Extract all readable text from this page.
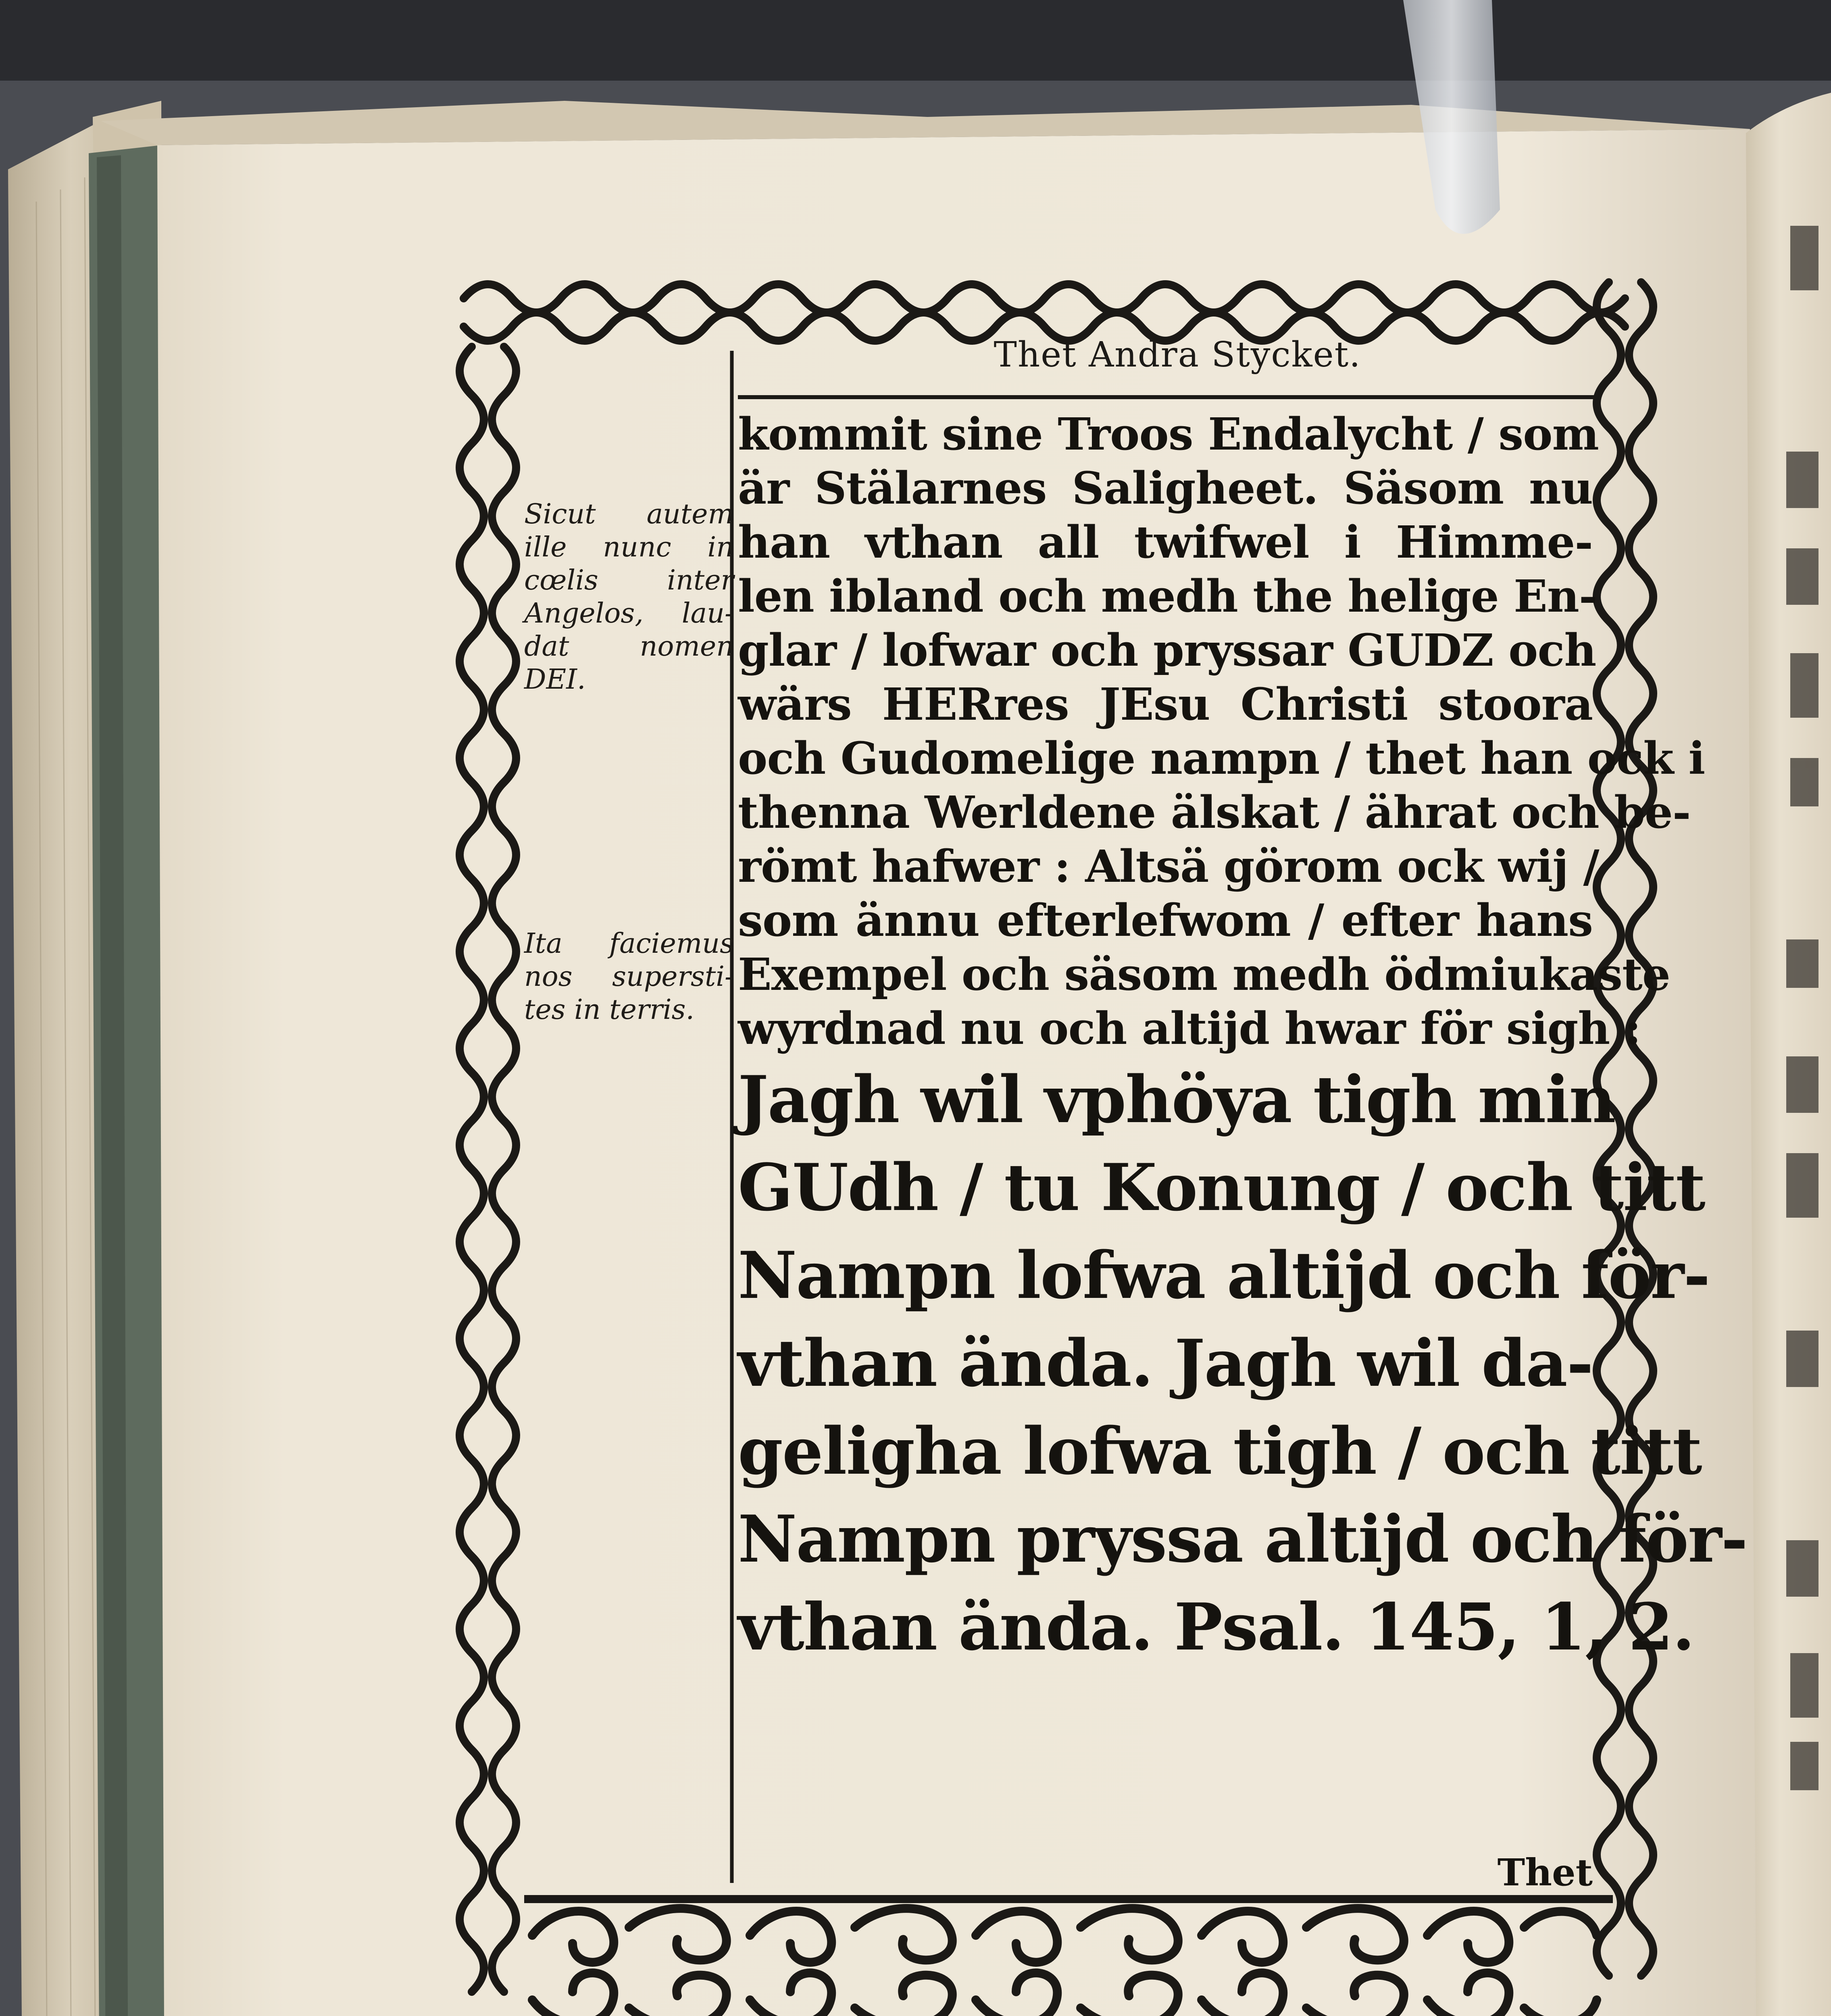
Thet Andra Stycket.
Sicut autem
ille nunc in
cœlis inter
Angelos, lau-
dat nomen
DEI.
Ita faciemus
nos supersti-
tes in terris.
kommit sine Troos Endalycht / som
är Stälarnes Saligheet. Säsom nu
han vthan all twifwel i Himme-
len ibland och medh the helige En-
glar / lofwar och pryssar GUDZ och
wärs HERres JEsu Christi stoora
och Gudomelige nampn / thet han ock i
thenna Werldene älskat / ährat och be-
römt hafwer : Altsä görom ock wij /
som ännu efterlefwom / efter hans
Exempel och säsom medh ödmiukaste
wyrdnad nu och altijd hwar för sigh :
Jagh wil vphöya tigh min
GUdh / tu Konung / och titt
Nampn lofwa altijd och för-
vthan ända. Jagh wil da-
geligha lofwa tigh / och titt
Nampn pryssa altijd och för-
vthan ända. Psal. 145, 1, 2.
Thet
